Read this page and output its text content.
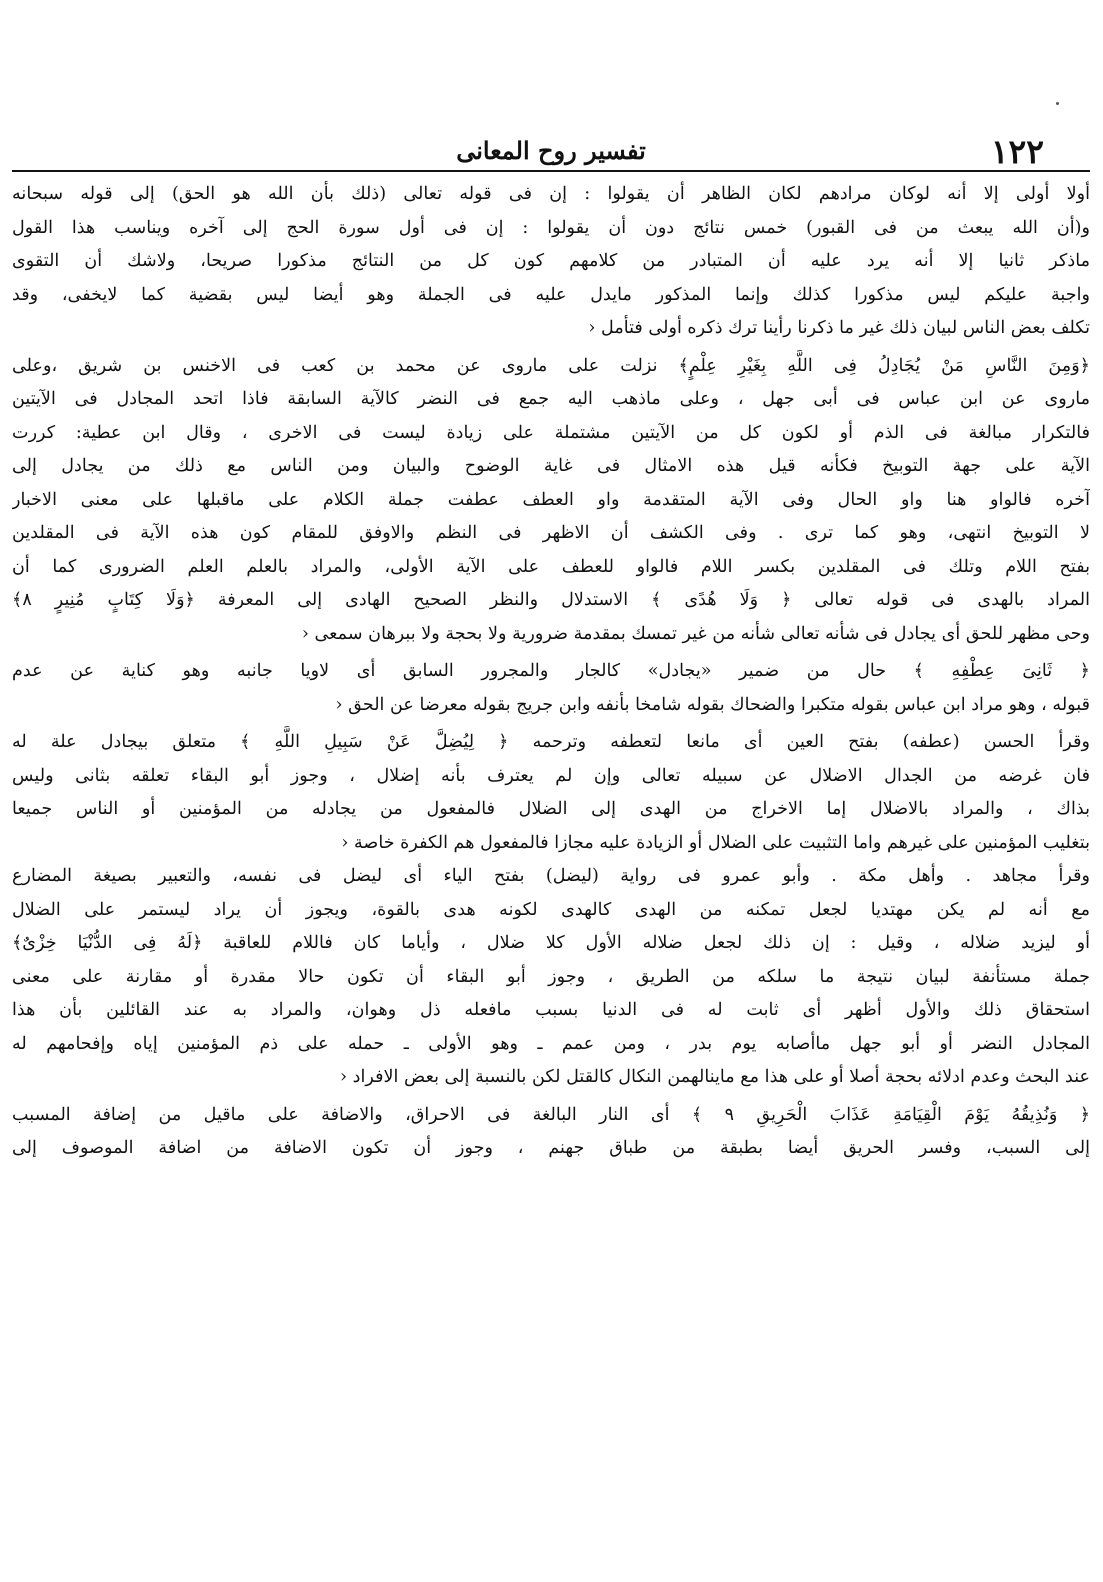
١٢٢
تفسير روح المعانى
أولا أولى إلا أنه لوكان مرادهم لكان الظاهر أن يقولوا : إن فى قوله تعالى (ذلك بأن الله هو الحق) إلى قوله سبحانه
و(أن الله يبعث من فى القبور) خمس نتائج دون أن يقولوا : إن فى أول سورة الحج إلى آخره ويناسب هذا القول
ماذكر ثانيا إلا أنه يرد عليه أن المتبادر من كلامهم كون كل من النتائج مذكورا صريحا، ولاشك أن التقوى
واجبة عليكم ليس مذكورا كذلك وإنما المذكور مايدل عليه فى الجملة وهو أيضا ليس بقضية كما لايخفى، وقد
تكلف بعض الناس لبيان ذلك غير ما ذكرنا رأينا ترك ذكره أولى فتأمل ‹
﴿وَمِنَ النَّاسِ مَنْ يُجَادِلُ فِى اللَّهِ بِغَيْرِ عِلْمٍ﴾ نزلت على ماروى عن محمد بن كعب فى الاخنس بن شريق ،وعلى
ماروى عن ابن عباس فى أبى جهل ، وعلى ماذهب اليه جمع فى النضر كالآية السابقة فاذا اتحد المجادل فى الآيتين
فالتكرار مبالغة فى الذم أو لكون كل من الآيتين مشتملة على زيادة ليست فى الاخرى ، وقال ابن عطية: كررت
الآية على جهة التوبيخ فكأنه قيل هذه الامثال فى غاية الوضوح والبيان ومن الناس مع ذلك من يجادل إلى
آخره فالواو هنا واو الحال وفى الآية المتقدمة واو العطف عطفت جملة الكلام على ماقبلها على معنى الاخبار
لا التوبيخ انتهى، وهو كما ترى . وفى الكشف أن الاظهر فى النظم والاوفق للمقام كون هذه الآية فى المقلدين
بفتح اللام وتلك فى المقلدين بكسر اللام فالواو للعطف على الآية الأولى، والمراد بالعلم العلم الضرورى كما أن
المراد بالهدى فى قوله تعالى ﴿ وَلَا هُدًى ﴾ الاستدلال والنظر الصحيح الهادى إلى المعرفة ﴿وَلَا كِتَابٍ مُنِيرٍ ٨﴾
وحى مظهر للحق أى يجادل فى شأنه تعالى شأنه من غير تمسك بمقدمة ضرورية ولا بحجة ولا ببرهان سمعى ‹
﴿ ثَانِىَ عِطْفِهِ ﴾ حال من ضمير «يجادل» كالجار والمجرور السابق أى لاويا جانبه وهو كناية عن عدم
قبوله ، وهو مراد ابن عباس بقوله متكبرا والضحاك بقوله شامخا بأنفه وابن جريج بقوله معرضا عن الحق ‹
وقرأ الحسن (عطفه) بفتح العين أى مانعا لتعطفه وترحمه ﴿ لِيُضِلَّ عَنْ سَبِيلِ اللَّهِ ﴾ متعلق بيجادل علة له
فان غرضه من الجدال الاضلال عن سبيله تعالى وإن لم يعترف بأنه إضلال ، وجوز أبو البقاء تعلقه بثانى وليس
بذاك ، والمراد بالاضلال إما الاخراج من الهدى إلى الضلال فالمفعول من يجادله من المؤمنين أو الناس جميعا
بتغليب المؤمنين على غيرهم واما التثبيت على الضلال أو الزيادة عليه مجازا فالمفعول هم الكفرة خاصة ‹
وقرأ مجاهد . وأهل مكة . وأبو عمرو فى رواية (ليضل) بفتح الياء أى ليضل فى نفسه، والتعبير بصيغة المضارع
مع أنه لم يكن مهتديا لجعل تمكنه من الهدى كالهدى لكونه هدى بالقوة، ويجوز أن يراد ليستمر على الضلال
أو ليزيد ضلاله ، وقيل : إن ذلك لجعل ضلاله الأول كلا ضلال ، وأياما كان فاللام للعاقبة ﴿لَهُ فِى الدُّنْيَا خِزْىٌ﴾
جملة مستأنفة لبيان نتيجة ما سلكه من الطريق ، وجوز أبو البقاء أن تكون حالا مقدرة أو مقارنة على معنى
استحقاق ذلك والأول أظهر أى ثابت له فى الدنيا بسبب مافعله ذل وهوان، والمراد به عند القائلين بأن هذا
المجادل النضر أو أبو جهل ماأصابه يوم بدر ، ومن عمم ـ وهو الأولى ـ حمله على ذم المؤمنين إياه وإفحامهم له
عند البحث وعدم ادلائه بحجة أصلا أو على هذا مع ماينالهمن النكال كالقتل لكن بالنسبة إلى بعض الافراد ‹
﴿ وَنُذِيقُهُ يَوْمَ الْقِيَامَةِ عَذَابَ الْحَرِيقِ ٩ ﴾ أى النار البالغة فى الاحراق، والاضافة على ماقيل من إضافة المسبب
إلى السبب، وفسر الحريق أيضا بطبقة من طباق جهنم ، وجوز أن تكون الاضافة من اضافة الموصوف إلى
